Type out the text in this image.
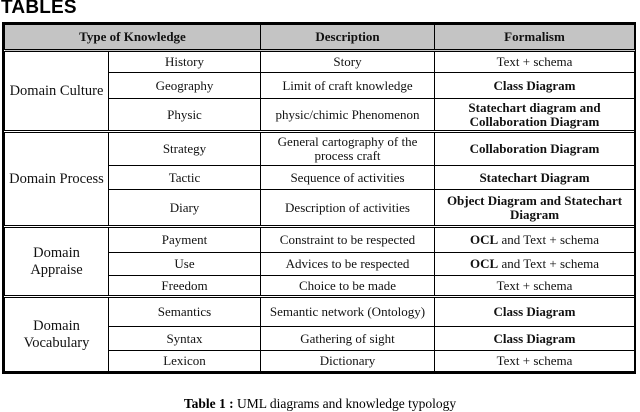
TABLES
Type of Knowledge		Description	Formalism
Domain Culture	History	Story	Text + schema
	Geography	Limit of craft knowledge	Class Diagram
	Physic	physic/chimic Phenomenon	Statechart diagram and Collaboration Diagram
Domain Process	Strategy	General cartography of the process craft	Collaboration Diagram
	Tactic	Sequence of activities	Statechart Diagram
	Diary	Description of activities	Object Diagram and Statechart Diagram
Domain Appraise	Payment	Constraint to be respected	OCL and Text + schema
	Use	Advices to be respected	OCL and Text + schema
	Freedom	Choice to be made	Text + schema
Domain Vocabulary	Semantics	Semantic network (Ontology)	Class Diagram
	Syntax	Gathering of sight	Class Diagram
	Lexicon	Dictionary	Text + schema
Table 1 : UML diagrams and knowledge typology
